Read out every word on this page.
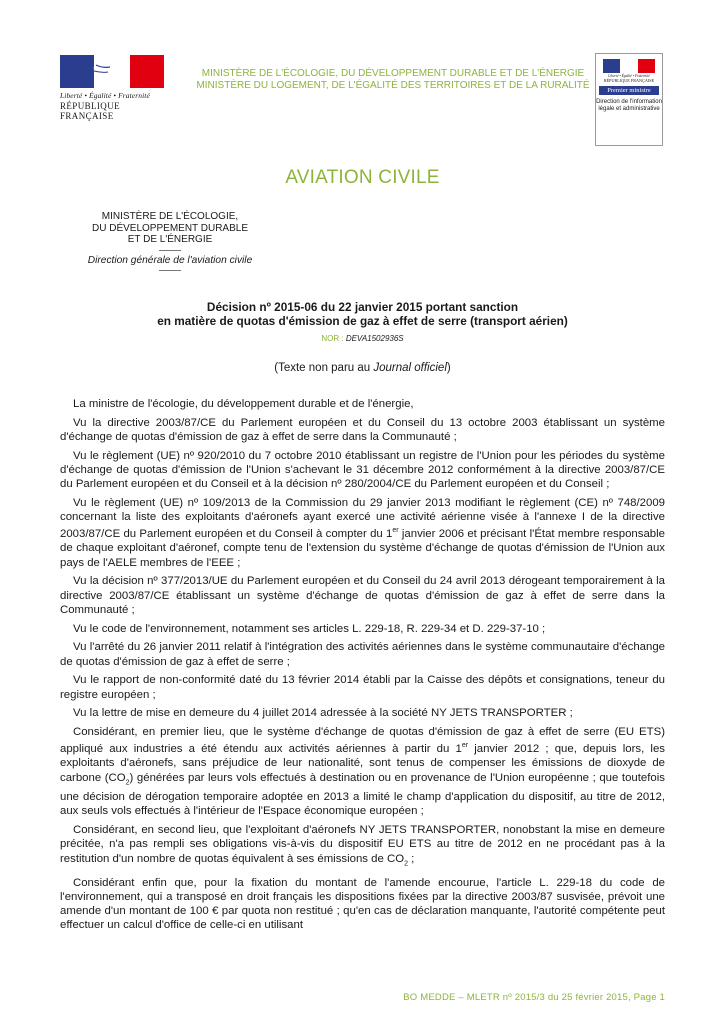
Liberté • Égalité • Fraternité
RÉPUBLIQUE FRANÇAISE
MINISTÈRE DE L'ÉCOLOGIE, DU DÉVELOPPEMENT DURABLE ET DE L'ÉNERGIE
MINISTÈRE DU LOGEMENT, DE L'ÉGALITÉ DES TERRITOIRES ET DE LA RURALITÉ
Liberté • Égalité • Fraternité
RÉPUBLIQUE FRANÇAISE
Premier ministre
Direction de l'information légale et administrative
AVIATION CIVILE
MINISTÈRE DE L'ÉCOLOGIE,
DU DÉVELOPPEMENT DURABLE
ET DE L'ÉNERGIE
Direction générale de l'aviation civile
Décision nº 2015-06 du 22 janvier 2015 portant sanction
en matière de quotas d'émission de gaz à effet de serre (transport aérien)
NOR : DEVA1502936S
(Texte non paru au Journal officiel)

La ministre de l'écologie, du développement durable et de l'énergie,

Vu la directive 2003/87/CE du Parlement européen et du Conseil du 13 octobre 2003 établissant un système d'échange de quotas d'émission de gaz à effet de serre dans la Communauté ;

Vu le règlement (UE) nº 920/2010 du 7 octobre 2010 établissant un registre de l'Union pour les périodes du système d'échange de quotas d'émission de l'Union s'achevant le 31 décembre 2012 conformément à la directive 2003/87/CE du Parlement européen et du Conseil et à la décision nº 280/2004/CE du Parlement européen et du Conseil ;

Vu le règlement (UE) nº 109/2013 de la Commission du 29 janvier 2013 modifiant le règlement (CE) nº 748/2009 concernant la liste des exploitants d'aéronefs ayant exercé une activité aérienne visée à l'annexe I de la directive 2003/87/CE du Parlement européen et du Conseil à compter du 1er janvier 2006 et précisant l'État membre responsable de chaque exploitant d'aéronef, compte tenu de l'extension du système d'échange de quotas d'émission de l'Union aux pays de l'AELE membres de l'EEE ;

Vu la décision nº 377/2013/UE du Parlement européen et du Conseil du 24 avril 2013 dérogeant temporairement à la directive 2003/87/CE établissant un système d'échange de quotas d'émission de gaz à effet de serre dans la Communauté ;

Vu le code de l'environnement, notamment ses articles L. 229-18, R. 229-34 et D. 229-37-10 ;

Vu l'arrêté du 26 janvier 2011 relatif à l'intégration des activités aériennes dans le système communautaire d'échange de quotas d'émission de gaz à effet de serre ;

Vu le rapport de non-conformité daté du 13 février 2014 établi par la Caisse des dépôts et consignations, teneur du registre européen ;

Vu la lettre de mise en demeure du 4 juillet 2014 adressée à la société NY JETS TRANSPORTER ;

Considérant, en premier lieu, que le système d'échange de quotas d'émission de gaz à effet de serre (EU ETS) appliqué aux industries a été étendu aux activités aériennes à partir du 1er janvier 2012 ; que, depuis lors, les exploitants d'aéronefs, sans préjudice de leur nationalité, sont tenus de compenser les émissions de dioxyde de carbone $(CO_2)$ générées par leurs vols effectués à destination ou en provenance de l'Union européenne ; que toutefois une décision de dérogation temporaire adoptée en 2013 a limité le champ d'application du dispositif, au titre de 2012, aux seuls vols effectués à l'intérieur de l'Espace économique européen ;

Considérant, en second lieu, que l'exploitant d'aéronefs NY JETS TRANSPORTER, nonobstant la mise en demeure précitée, n'a pas rempli ses obligations vis-à-vis du dispositif EU ETS au titre de 2012 en ne procédant pas à la restitution d'un nombre de quotas équivalent à ses émissions de $CO_2$ ;

Considérant enfin que, pour la fixation du montant de l'amende encourue, l'article L. 229-18 du code de l'environnement, qui a transposé en droit français les dispositions fixées par la directive 2003/87 susvisée, prévoit une amende d'un montant de 100 € par quota non restitué ; qu'en cas de déclaration manquante, l'autorité compétente peut effectuer un calcul d'office de celle-ci en utilisant

BO MEDDE – MLETR nº 2015/3 du 25 février 2015, Page 1
